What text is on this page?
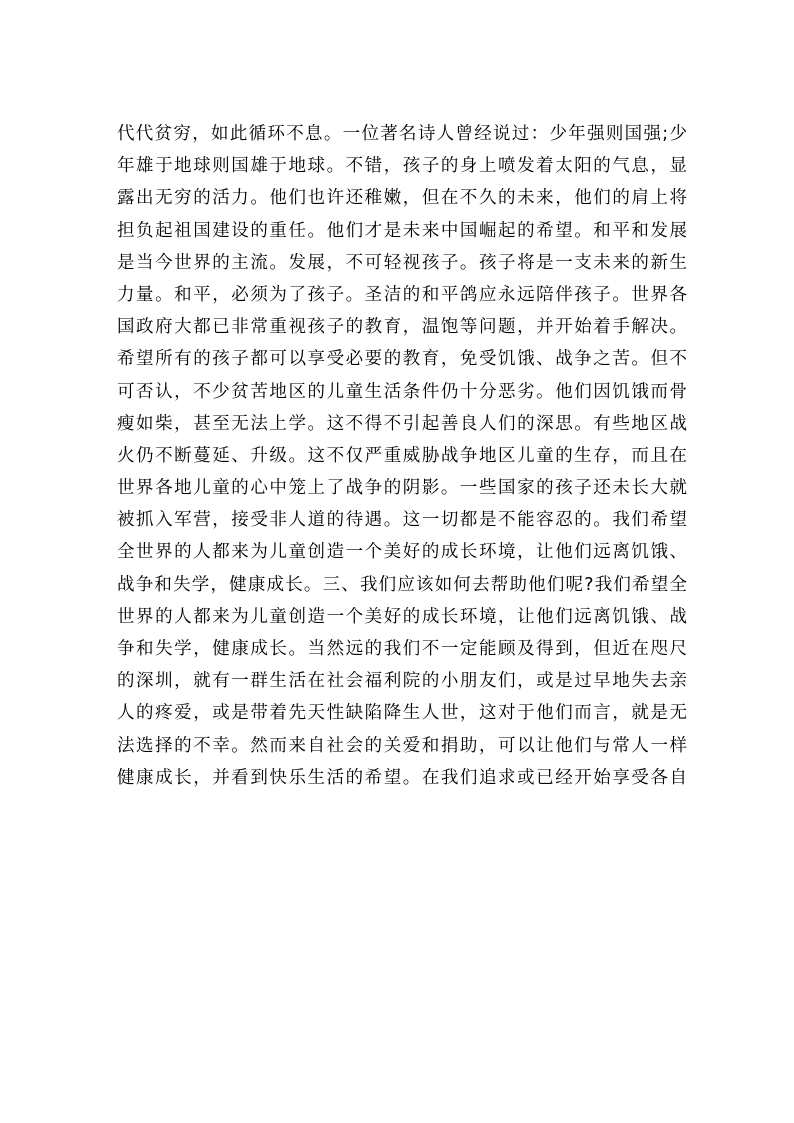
代代贫穷，如此循环不息。一位著名诗人曾经说过：少年强则国强;少
年雄于地球则国雄于地球。不错，孩子的身上喷发着太阳的气息，显
露出无穷的活力。他们也许还稚嫩，但在不久的未来，他们的肩上将
担负起祖国建设的重任。他们才是未来中国崛起的希望。和平和发展
是当今世界的主流。发展，不可轻视孩子。孩子将是一支未来的新生
力量。和平，必须为了孩子。圣洁的和平鸽应永远陪伴孩子。世界各
国政府大都已非常重视孩子的教育，温饱等问题，并开始着手解决。
希望所有的孩子都可以享受必要的教育，免受饥饿、战争之苦。但不
可否认，不少贫苦地区的儿童生活条件仍十分恶劣。他们因饥饿而骨
瘦如柴，甚至无法上学。这不得不引起善良人们的深思。有些地区战
火仍不断蔓延、升级。这不仅严重威胁战争地区儿童的生存，而且在
世界各地儿童的心中笼上了战争的阴影。一些国家的孩子还未长大就
被抓入军营，接受非人道的待遇。这一切都是不能容忍的。我们希望
全世界的人都来为儿童创造一个美好的成长环境，让他们远离饥饿、
战争和失学，健康成长。三、我们应该如何去帮助他们呢?我们希望全
世界的人都来为儿童创造一个美好的成长环境，让他们远离饥饿、战
争和失学，健康成长。当然远的我们不一定能顾及得到，但近在咫尺
的深圳，就有一群生活在社会福利院的小朋友们，或是过早地失去亲
人的疼爱，或是带着先天性缺陷降生人世，这对于他们而言，就是无
法选择的不幸。然而来自社会的关爱和捐助，可以让他们与常人一样
健康成长，并看到快乐生活的希望。在我们追求或已经开始享受各自
